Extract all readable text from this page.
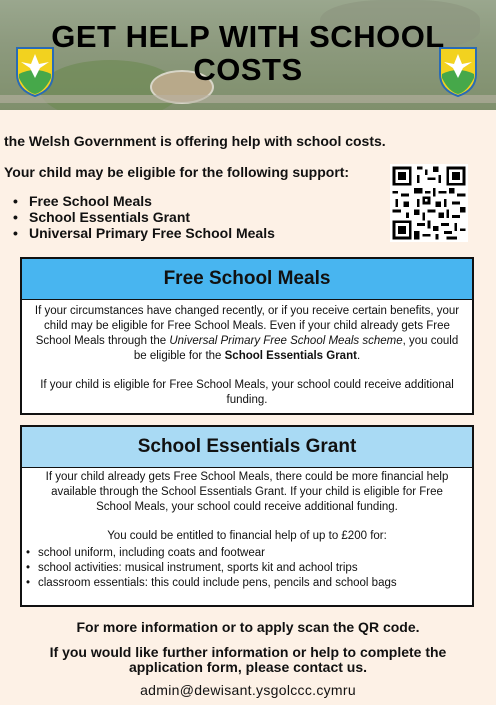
GET HELP WITH SCHOOL COSTS
the Welsh Government is offering help with school costs.
Your child may be eligible for the following support:
• Free School Meals
• School Essentials Grant
• Universal Primary Free School Meals
Free School Meals

If your circumstances have changed recently, or if you receive certain benefits, your child may be eligible for Free School Meals. Even if your child already gets Free School Meals through the Universal Primary Free School Meals scheme, you could be eligible for the School Essentials Grant.

If your child is eligible for Free School Meals, your school could receive additional funding.

School Essentials Grant

If your child already gets Free School Meals, there could be more financial help available through the School Essentials Grant. If your child is eligible for Free School Meals, your school could receive additional funding.

You could be entitled to financial help of up to £200 for:

• school uniform, including coats and footwear
• school activities: musical instrument, sports kit and achool trips
• classroom essentials: this could include pens, pencils and school bags
For more information or to apply scan the QR code.
If you would like further information or help to complete the application form, please contact us.
admin@dewisant.ysgolccc.cymru
